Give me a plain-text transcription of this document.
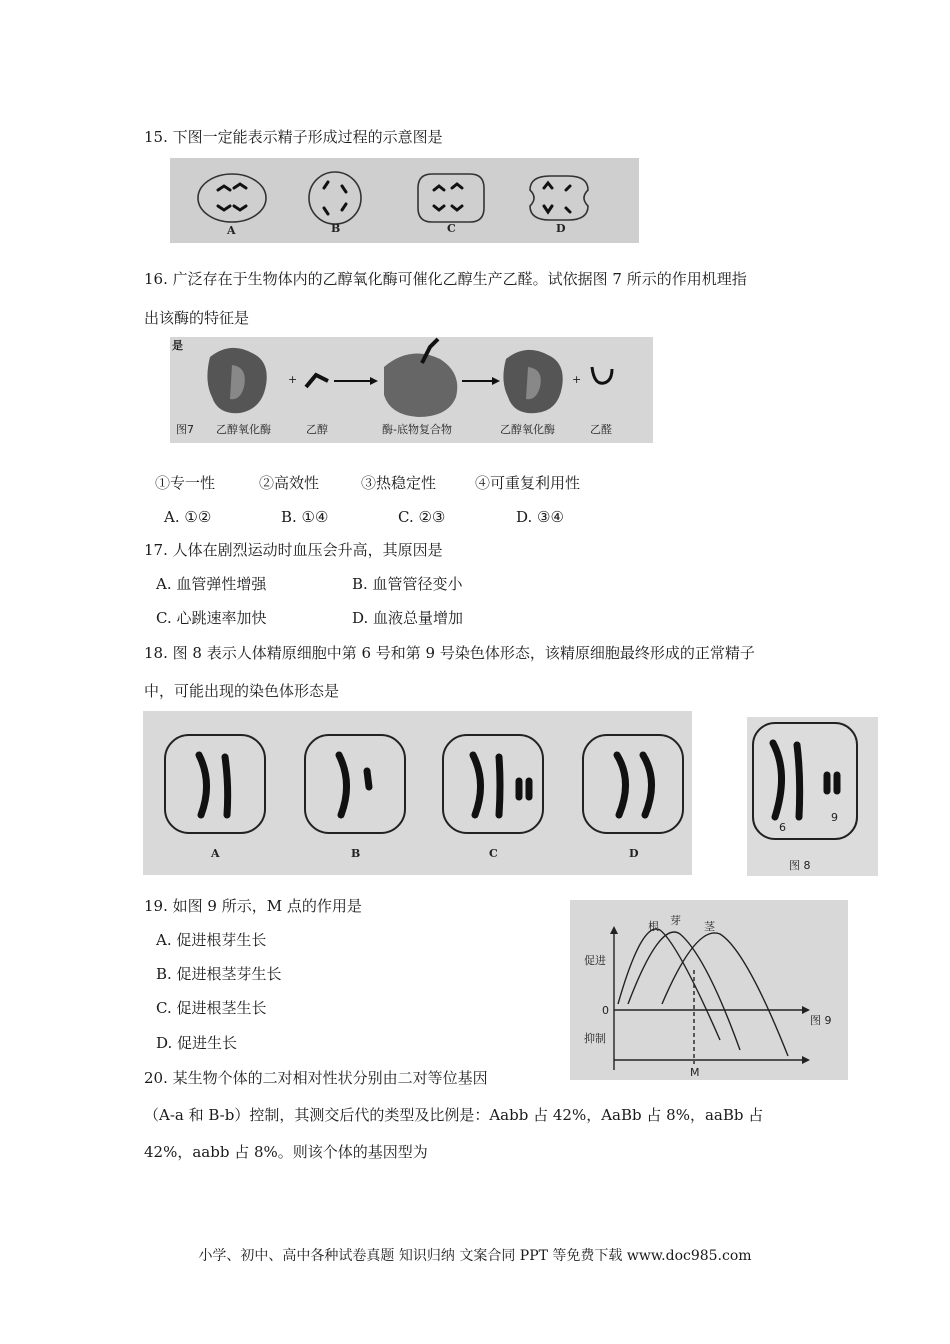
15. 下图一定能表示精子形成过程的示意图是
A	B	C	D
16. 广泛存在于生物体内的乙醇氧化酶可催化乙醇生产乙醛。试依据图 7 所示的作用机理指
出该酶的特征是
是
+	+
图7 乙醇氧化酶	乙醇	酶-底物复合物	乙醇氧化酶	乙醛
①专一性	②高效性	③热稳定性	④可重复利用性
A. ①②	B. ①④	C. ②③	D. ③④
17. 人体在剧烈运动时血压会升高，其原因是
A. 血管弹性增强	B. 血管管径变小
C. 心跳速率加快	D. 血液总量增加
18. 图 8 表示人体精原细胞中第 6 号和第 9 号染色体形态，该精原细胞最终形成的正常精子
中，可能出现的染色体形态是
A	B	C	D
6
9
图 8
19. 如图 9 所示，M 点的作用是
A. 促进根芽生长
B. 促进根茎芽生长
C. 促进根茎生长
D. 促进生长
根 芽 茎
促进
0
抑制
M
图 9
20. 某生物个体的二对相对性状分别由二对等位基因
（A-a 和 B-b）控制，其测交后代的类型及比例是：Aabb 占 42%，AaBb 占 8%，aaBb 占
42%，aabb 占 8%。则该个体的基因型为
小学、初中、高中各种试卷真题 知识归纳 文案合同 PPT 等免费下载 www.doc985.com
